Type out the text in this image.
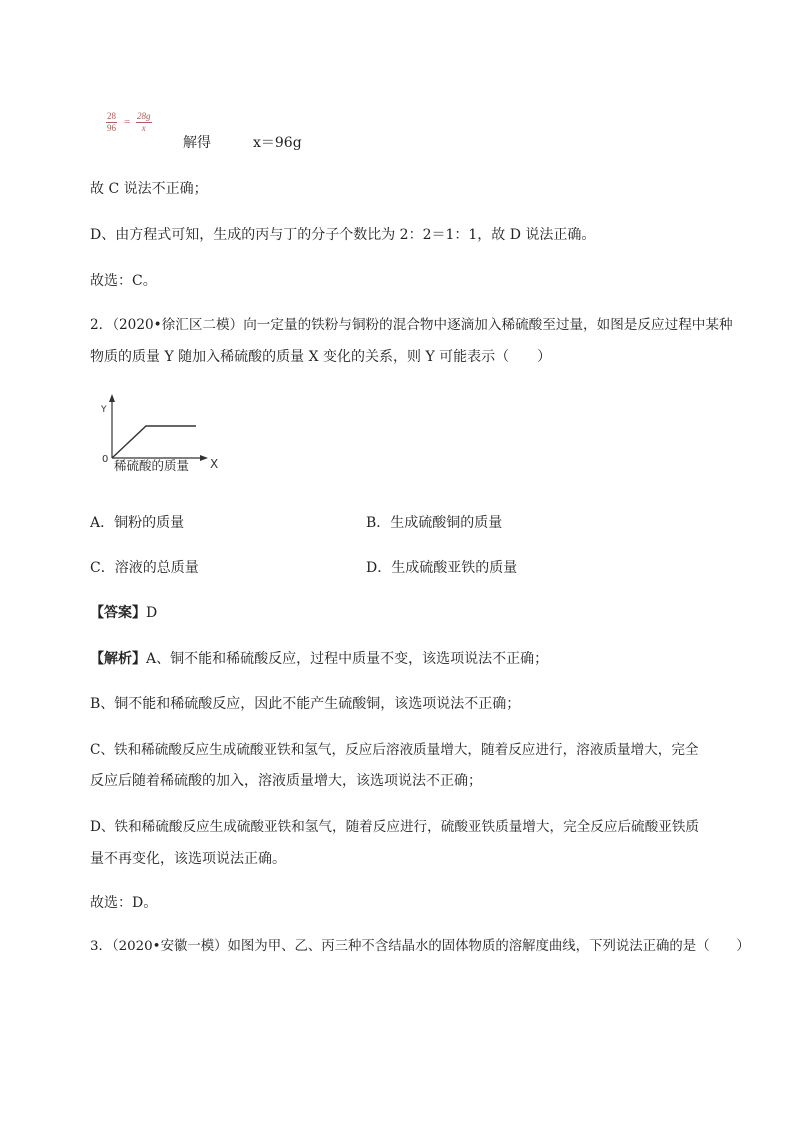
$\frac{28}{96} = \frac{28g}{x}$
解得	x＝96g
故 C 说法不正确；
D、由方程式可知，生成的丙与丁的分子个数比为 2：2＝1：1，故 D 说法正确。
故选：C。
2．（2020•徐汇区二模）向一定量的铁粉与铜粉的混合物中逐滴加入稀硫酸至过量，如图是反应过程中某种
物质的质量 Y 随加入稀硫酸的质量 X 变化的关系，则 Y 可能表示（　　）
Y
0	X
稀硫酸的质量
A．铜粉的质量	B．生成硫酸铜的质量
C．溶液的总质量	D．生成硫酸亚铁的质量
【答案】D
【解析】A、铜不能和稀硫酸反应，过程中质量不变，该选项说法不正确；
B、铜不能和稀硫酸反应，因此不能产生硫酸铜，该选项说法不正确；
C、铁和稀硫酸反应生成硫酸亚铁和氢气，反应后溶液质量增大，随着反应进行，溶液质量增大，完全
反应后随着稀硫酸的加入，溶液质量增大，该选项说法不正确；
D、铁和稀硫酸反应生成硫酸亚铁和氢气，随着反应进行，硫酸亚铁质量增大，完全反应后硫酸亚铁质
量不再变化，该选项说法正确。
故选：D。
3．（2020•安徽一模）如图为甲、乙、丙三种不含结晶水的固体物质的溶解度曲线，下列说法正确的是（　　）
